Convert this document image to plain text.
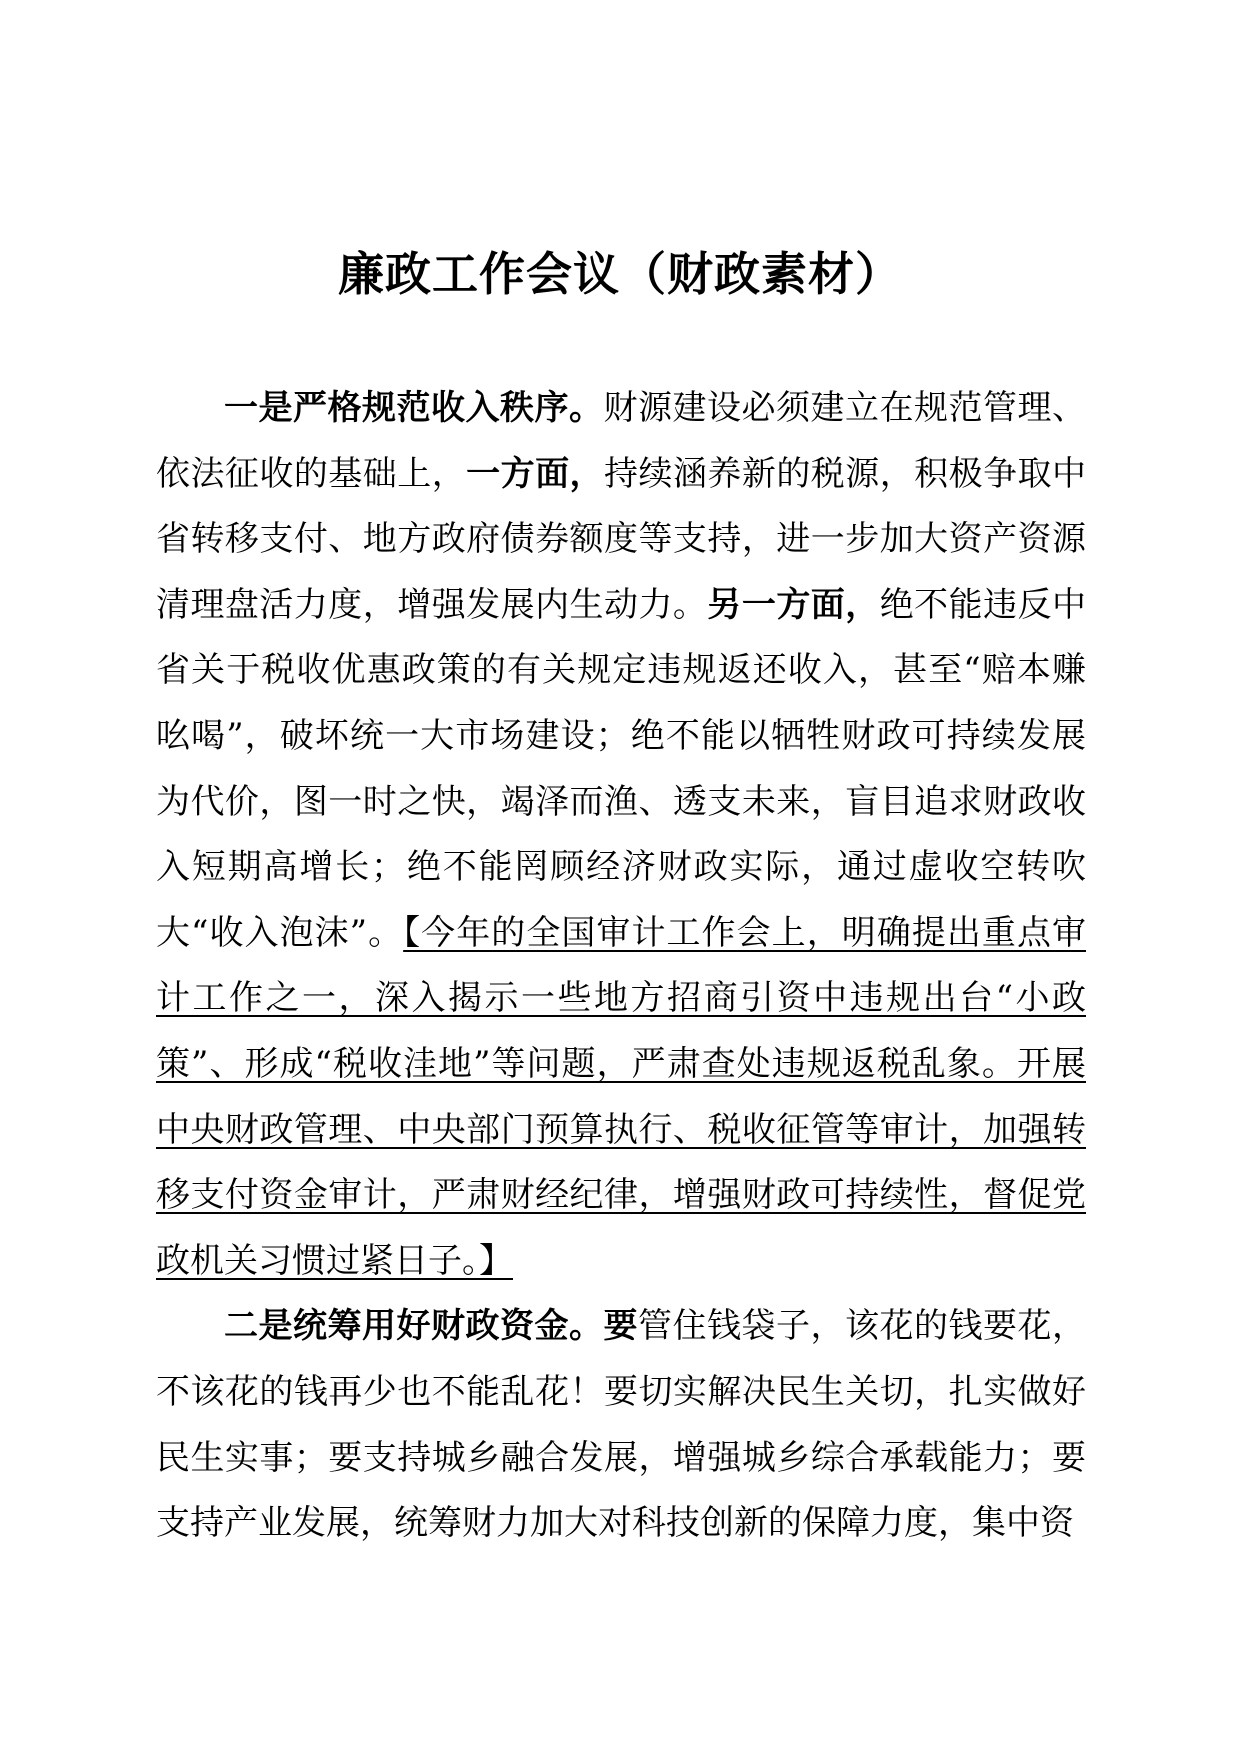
廉政工作会议（财政素材）

一是严格规范收入秩序。财源建设必须建立在规范管理、依法征收的基础上，一方面，持续涵养新的税源，积极争取中省转移支付、地方政府债券额度等支持，进一步加大资产资源清理盘活力度，增强发展内生动力。另一方面，绝不能违反中省关于税收优惠政策的有关规定违规返还收入，甚至“赔本赚吆喝”，破坏统一大市场建设；绝不能以牺牲财政可持续发展为代价，图一时之快，竭泽而渔、透支未来，盲目追求财政收入短期高增长；绝不能罔顾经济财政实际，通过虚收空转吹大“收入泡沫”。【今年的全国审计工作会上，明确提出重点审计工作之一，深入揭示一些地方招商引资中违规出台“小政策”、形成“税收洼地”等问题，严肃查处违规返税乱象。开展中央财政管理、中央部门预算执行、税收征管等审计，加强转移支付资金审计，严肃财经纪律，增强财政可持续性，督促党政机关习惯过紧日子。】

二是统筹用好财政资金。要管住钱袋子，该花的钱要花，不该花的钱再少也不能乱花！要切实解决民生关切，扎实做好民生实事；要支持城乡融合发展，增强城乡综合承载能力；要支持产业发展，统筹财力加大对科技创新的保障力度，集中资
